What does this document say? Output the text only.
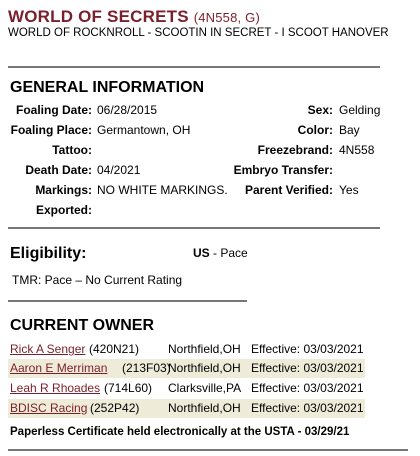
WORLD OF SECRETS (4N558, G)
WORLD OF ROCKNROLL - SCOOTIN IN SECRET - I SCOOT HANOVER
GENERAL INFORMATION
Foaling Date: 06/28/2015
Foaling Place: Germantown, OH
Tattoo:
Death Date: 04/2021
Markings: NO WHITE MARKINGS.
Exported:
Sex: Gelding
Color: Bay
Freezebrand: 4N558
Embryo Transfer:
Parent Verified: Yes
Eligibility:	US - Pace
TMR: Pace – No Current Rating
CURRENT OWNER
Rick A Senger (420N21) Northfield,OH Effective: 03/03/2021
Aaron E Merriman (213F03)
Northfield,OH Effective: 03/03/2021
Leah R Rhoades (714L60) Clarksville,PA Effective: 03/03/2021
BDISC Racing (252P42) Northfield,OH Effective: 03/03/2021
Paperless Certificate held electronically at the USTA - 03/29/21
